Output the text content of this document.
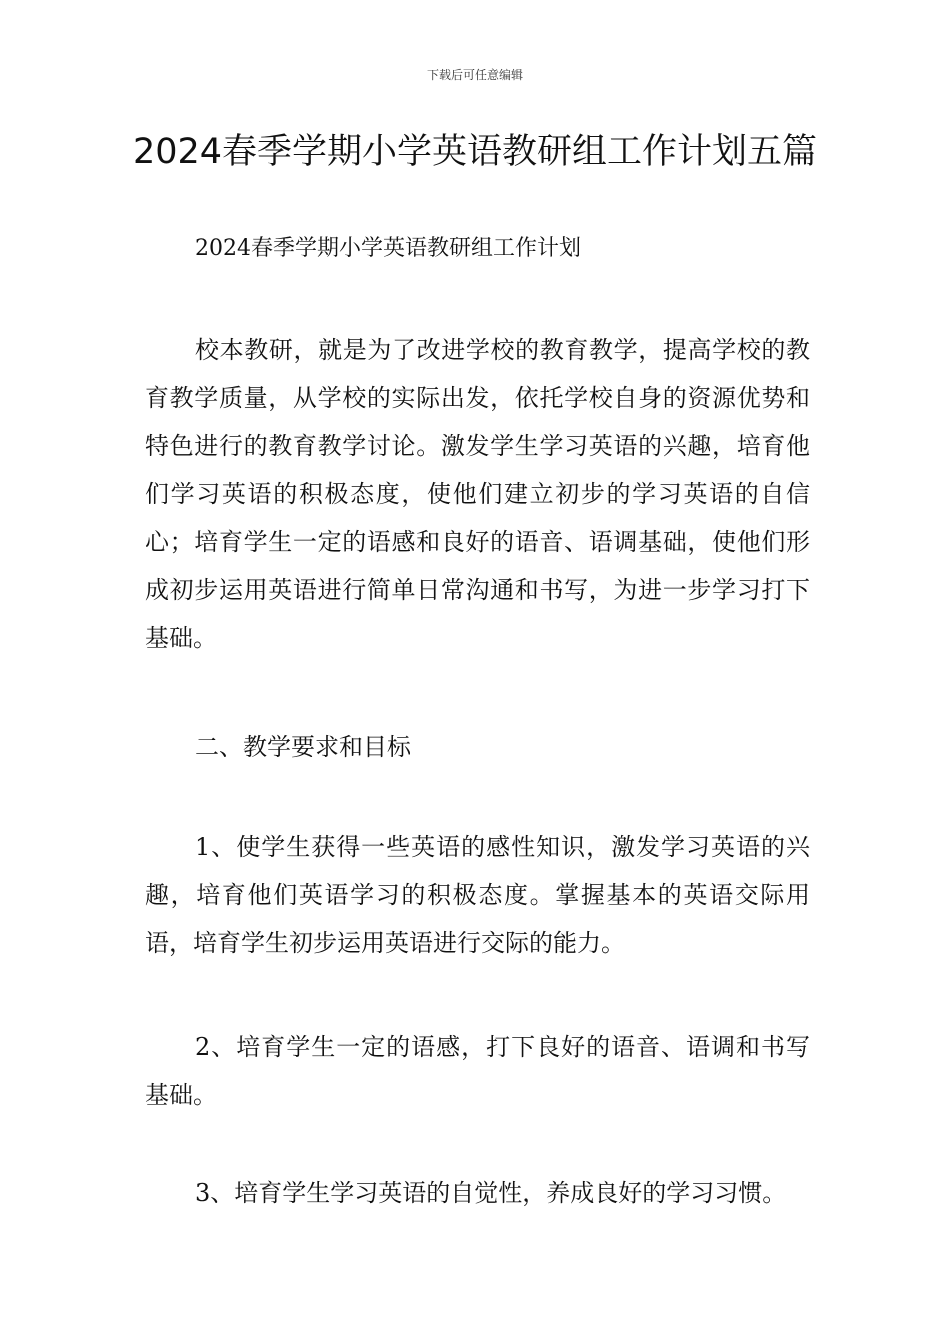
下载后可任意编辑
2024春季学期小学英语教研组工作计划五篇

2024春季学期小学英语教研组工作计划

校本教研，就是为了改进学校的教育教学，提高学校的教育教学质量，从学校的实际出发，依托学校自身的资源优势和特色进行的教育教学讨论。激发学生学习英语的兴趣，培育他们学习英语的积极态度，使他们建立初步的学习英语的自信心；培育学生一定的语感和良好的语音、语调基础，使他们形成初步运用英语进行简单日常沟通和书写，为进一步学习打下基础。

二、教学要求和目标

1、使学生获得一些英语的感性知识，激发学习英语的兴趣，培育他们英语学习的积极态度。掌握基本的英语交际用语，培育学生初步运用英语进行交际的能力。

2、培育学生一定的语感，打下良好的语音、语调和书写基础。

3、培育学生学习英语的自觉性，养成良好的学习习惯。
